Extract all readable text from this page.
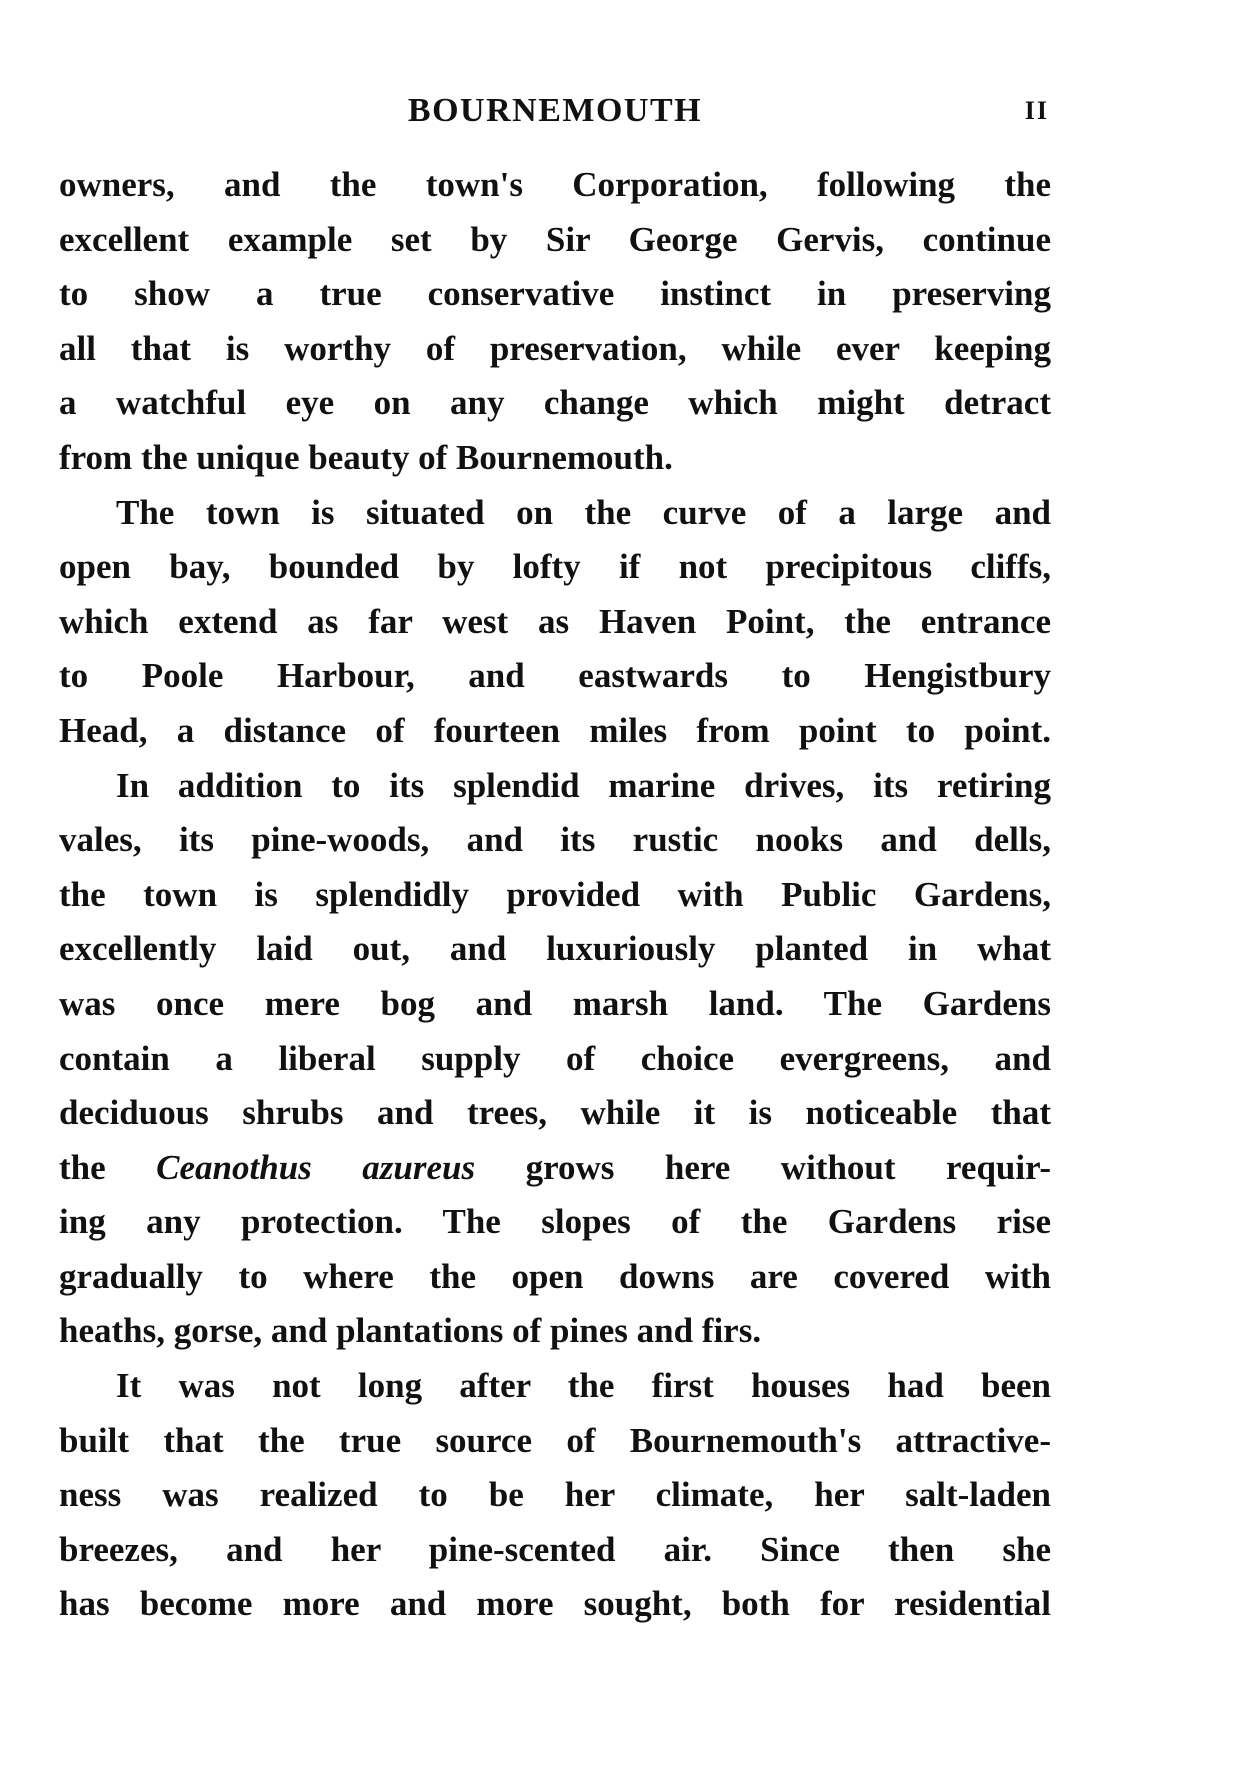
BOURNEMOUTH	II
owners, and the town's Corporation, following the
excellent example set by Sir George Gervis, continue
to show a true conservative instinct in preserving
all that is worthy of preservation, while ever keeping
a watchful eye on any change which might detract
from the unique beauty of Bournemouth.
The town is situated on the curve of a large and
open bay, bounded by lofty if not precipitous cliffs,
which extend as far west as Haven Point, the entrance
to Poole Harbour, and eastwards to Hengistbury
Head, a distance of fourteen miles from point to point.
In addition to its splendid marine drives, its retiring
vales, its pine-woods, and its rustic nooks and dells,
the town is splendidly provided with Public Gardens,
excellently laid out, and luxuriously planted in what
was once mere bog and marsh land. The Gardens
contain a liberal supply of choice evergreens, and
deciduous shrubs and trees, while it is noticeable that
the Ceanothus azureus grows here without requir-
ing any protection. The slopes of the Gardens rise
gradually to where the open downs are covered with
heaths, gorse, and plantations of pines and firs.
It was not long after the first houses had been
built that the true source of Bournemouth's attractive-
ness was realized to be her climate, her salt-laden
breezes, and her pine-scented air. Since then she
has become more and more sought, both for residential
